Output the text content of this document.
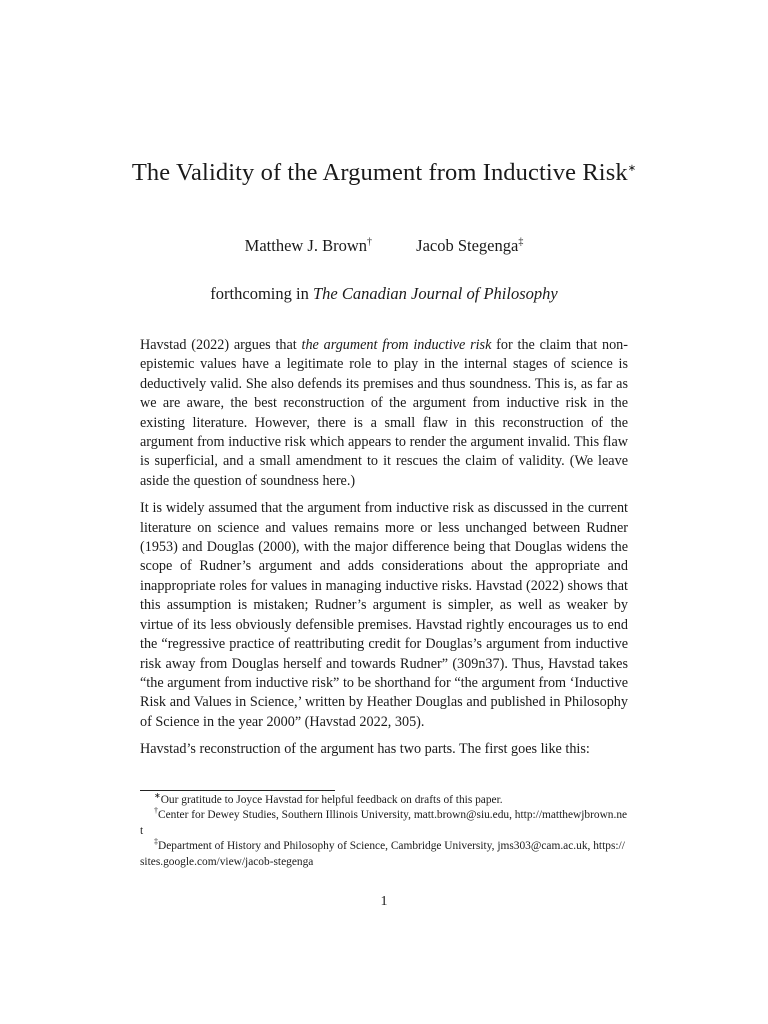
The Validity of the Argument from Inductive Risk∗
Matthew J. Brown†	Jacob Stegenga‡
forthcoming in The Canadian Journal of Philosophy

Havstad (2022) argues that the argument from inductive risk for the claim that non-epistemic values have a legitimate role to play in the internal stages of science is deductively valid. She also defends its premises and thus soundness. This is, as far as we are aware, the best reconstruction of the argument from inductive risk in the existing literature. However, there is a small flaw in this reconstruction of the argument from inductive risk which appears to render the argument invalid. This flaw is superficial, and a small amendment to it rescues the claim of validity. (We leave aside the question of soundness here.)

It is widely assumed that the argument from inductive risk as discussed in the current literature on science and values remains more or less unchanged between Rudner (1953) and Douglas (2000), with the major difference being that Douglas widens the scope of Rudner’s argument and adds considerations about the appropriate and inappropriate roles for values in managing inductive risks. Havstad (2022) shows that this assumption is mistaken; Rudner’s argument is simpler, as well as weaker by virtue of its less obviously defensible premises. Havstad rightly encourages us to end the “regressive practice of reattributing credit for Douglas’s argument from inductive risk away from Douglas herself and towards Rudner” (309n37). Thus, Havstad takes “the argument from inductive risk” to be shorthand for “the argument from ‘Inductive Risk and Values in Science,’ written by Heather Douglas and published in Philosophy of Science in the year 2000” (Havstad 2022, 305).

Havstad’s reconstruction of the argument has two parts. The first goes like this:

∗Our gratitude to Joyce Havstad for helpful feedback on drafts of this paper.

†Center for Dewey Studies, Southern Illinois University, matt.brown@siu.edu, http://matthewjbrown.net

‡Department of History and Philosophy of Science, Cambridge University, jms303@cam.ac.uk, https://sites.google.com/view/jacob-stegenga

1
